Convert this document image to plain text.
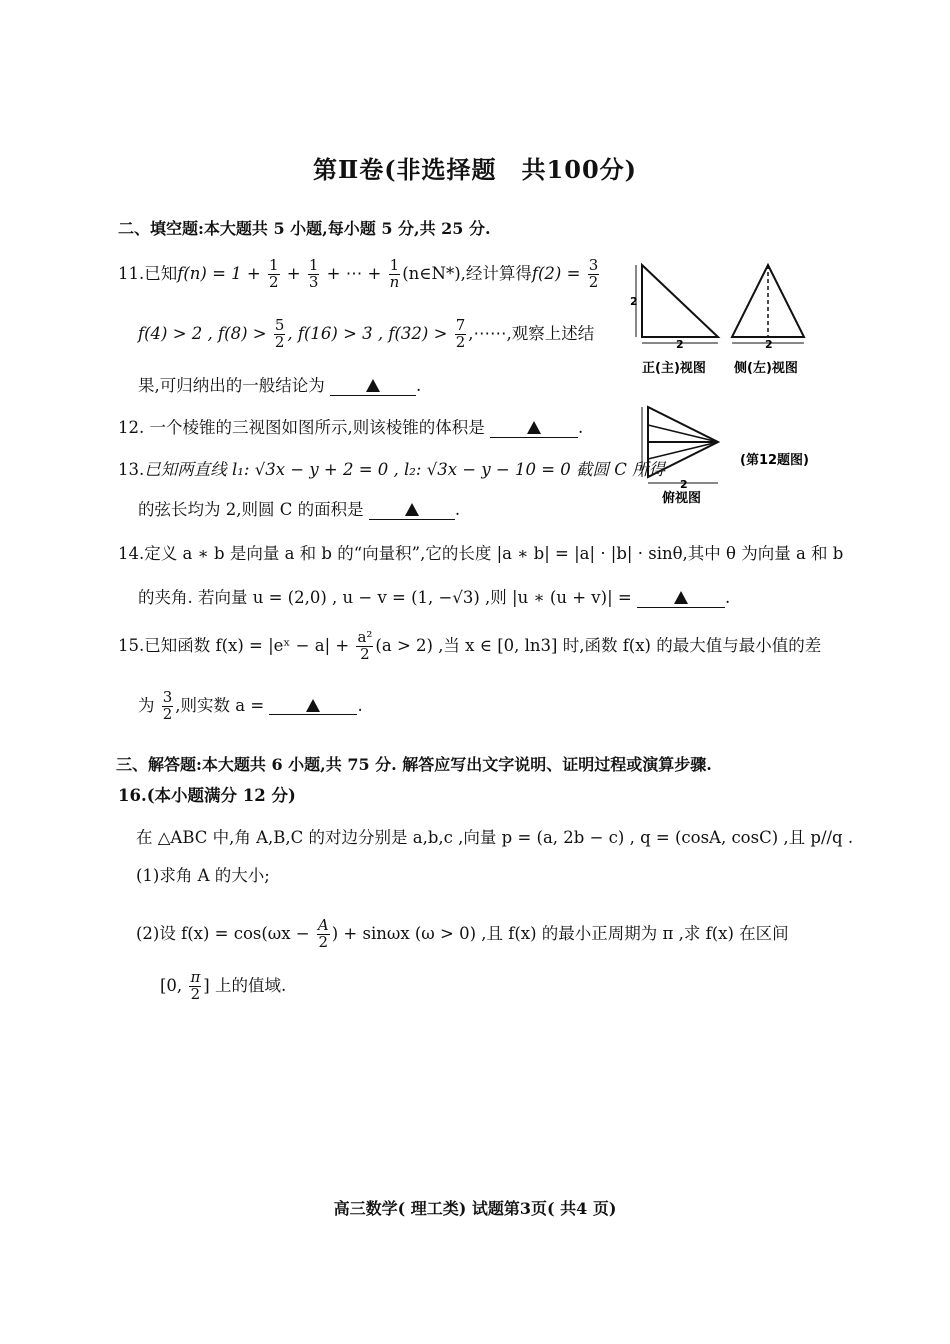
第Ⅱ卷(非选择题　共100分)
二、填空题:本大题共 5 小题,每小题 5 分,共 25 分.
11.已知$f(n) = 1 + \frac{1}{2} + \frac{1}{3}$ + ⋯ + $\frac{1}{n}$ (n∈N*),经计算得$f(2) = \frac{3}{2}$
f(4) > 2 , $f(8) > \frac{5}{2}$ , f(16) > 3 , $f(32) > \frac{7}{2}$ ,⋯⋯,观察上述结
果,可归纳出的一般结论为	.
12. 一个棱锥的三视图如图所示,则该棱锥的体积是	.
13.已知两直线 l₁: √3x − y + 2 = 0 , l₂: √3x − y − 10 = 0 截圆 C 所得
的弦长均为 2,则圆 C 的面积是	.
14.定义 a ∗ b 是向量 a 和 b 的“向量积”,它的长度 |a ∗ b| = |a| · |b| · sinθ,其中 θ 为向量 a 和 b
的夹角. 若向量 u = (2,0) , u − v = (1, −√3) ,则 |u ∗ (u + v)| =	.
15.已知函数 f(x) = |eˣ − $a| + \frac{\text{a²}}{2} (a > 2)$ ,当 x ∈ [0, ln3] 时,函数 f(x) 的最大值与最小值的差
为 $\frac{3}{2}$ ,则实数 a =	.
三、解答题:本大题共 6 小题,共 75 分. 解答应写出文字说明、证明过程或演算步骤.
16.(本小题满分 12 分)
在 △ABC 中,角 A,B,C 的对边分别是 a,b,c ,向量 p = (a, 2b − c) , q = (cosA, cosC) ,且 p//q .
(1)求角 A 的大小;
(2)设 $f(x) = \cos(\omega x - \frac{A}{2}$ ) + sinωx (ω > 0) ,且 f(x) 的最小正周期为 π ,求 f(x) 在区间
[0, $\frac{\pi}{2}$ ] 上的值域.
2
2
正(主)视图
2
侧(左)视图
2
俯视图
(第12题图)
高三数学( 理工类) 试题第3页( 共4 页)
